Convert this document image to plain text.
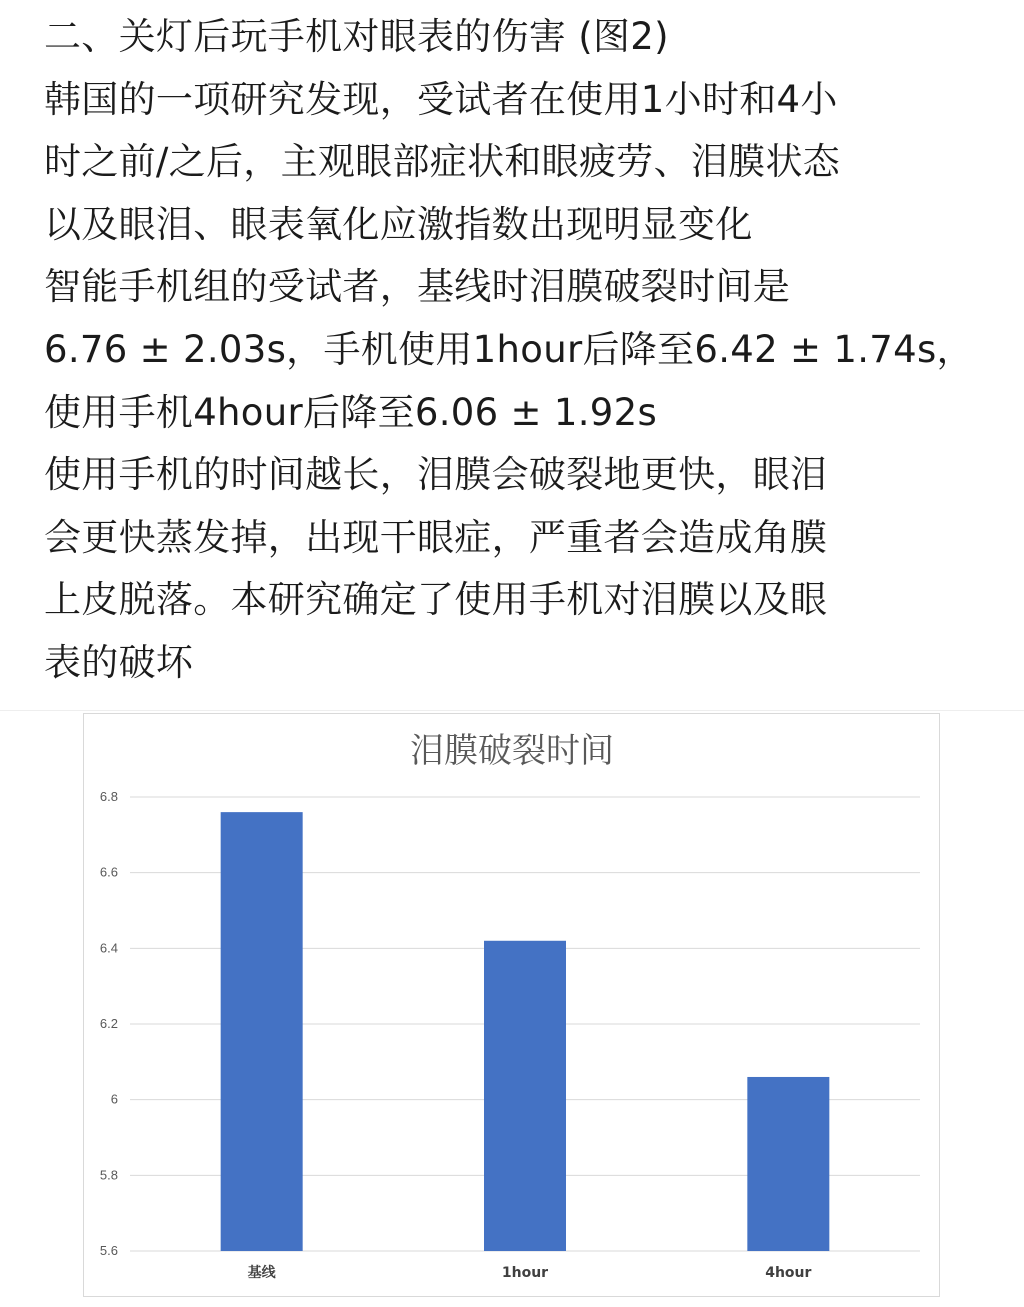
二、关灯后玩手机对眼表的伤害 (图2)
韩国的一项研究发现，受试者在使用1小时和4小
时之前/之后，主观眼部症状和眼疲劳、泪膜状态
以及眼泪、眼表氧化应激指数出现明显变化
智能手机组的受试者，基线时泪膜破裂时间是
6.76 ± 2.03s，手机使用1hour后降至6.42 ± 1.74s，
使用手机4hour后降至6.06 ± 1.92s
使用手机的时间越长，泪膜会破裂地更快，眼泪
会更快蒸发掉，出现干眼症，严重者会造成角膜
上皮脱落。本研究确定了使用手机对泪膜以及眼
表的破坏
泪膜破裂时间
6.8
6.6
6.4
6.2
6
5.8
5.6
基线	1hour	4hour
